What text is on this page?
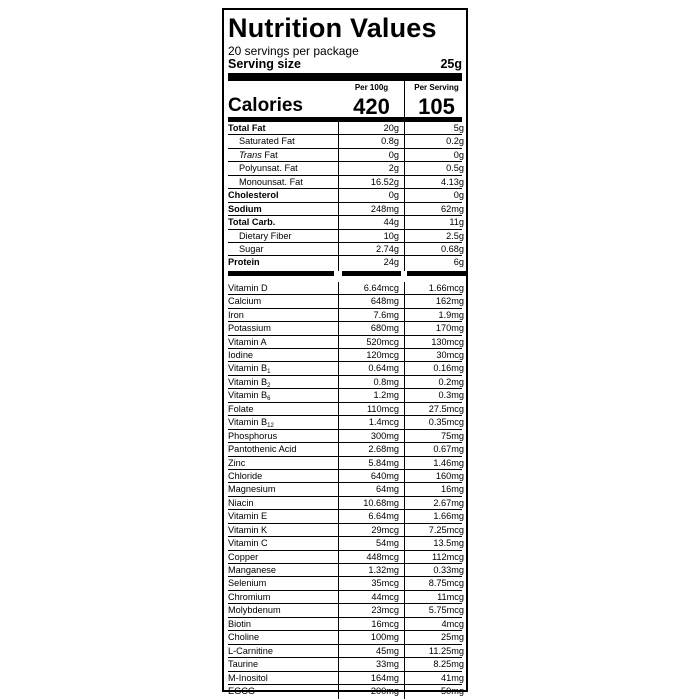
Nutrition Values
20 servings per package
Serving size	25g
Calories
Per 100g	Per Serving
420	105
Total Fat	20g	5g
Saturated Fat	0.8g	0.2g
Trans Fat	0g	0g
Polyunsat. Fat	2g	0.5g
Monounsat. Fat	16.52g	4.13g
Cholesterol	0g	0g
Sodium	248mg	62mg
Total Carb.	44g	11g
Dietary Fiber	10g	2.5g
Sugar	2.74g	0.68g
Protein	24g	6g
Vitamin D	6.64mcg	1.66mcg
Calcium	648mg	162mg
Iron	7.6mg	1.9mg
Potassium	680mg	170mg
Vitamin A	520mcg	130mcg
Iodine	120mcg	30mcg
Vitamin $B_1$	0.64mg	0.16mg
Vitamin $B_2$	0.8mg	0.2mg
Vitamin $B_6$	1.2mg	0.3mg
Folate	110mcg	27.5mcg
Vitamin $B_{12}$	1.4mcg	0.35mcg
Phosphorus	300mg	75mg
Pantothenic Acid	2.68mg	0.67mg
Zinc	5.84mg	1.46mg
Chloride	640mg	160mg
Magnesium	64mg	16mg
Niacin	10.68mg	2.67mg
Vitamin E	6.64mg	1.66mg
Vitamin K	29mcg	7.25mcg
Vitamin C	54mg	13.5mg
Copper	448mcg	112mcg
Manganese	1.32mg	0.33mg
Selenium	35mcg	8.75mcg
Chromium	44mcg	11mcg
Molybdenum	23mcg	5.75mcg
Biotin	16mcg	4mcg
Choline	100mg	25mg
L-Carnitine	45mg	11.25mg
Taurine	33mg	8.25mg
M-Inositol	164mg	41mg
EGCG	200mg	50mg
